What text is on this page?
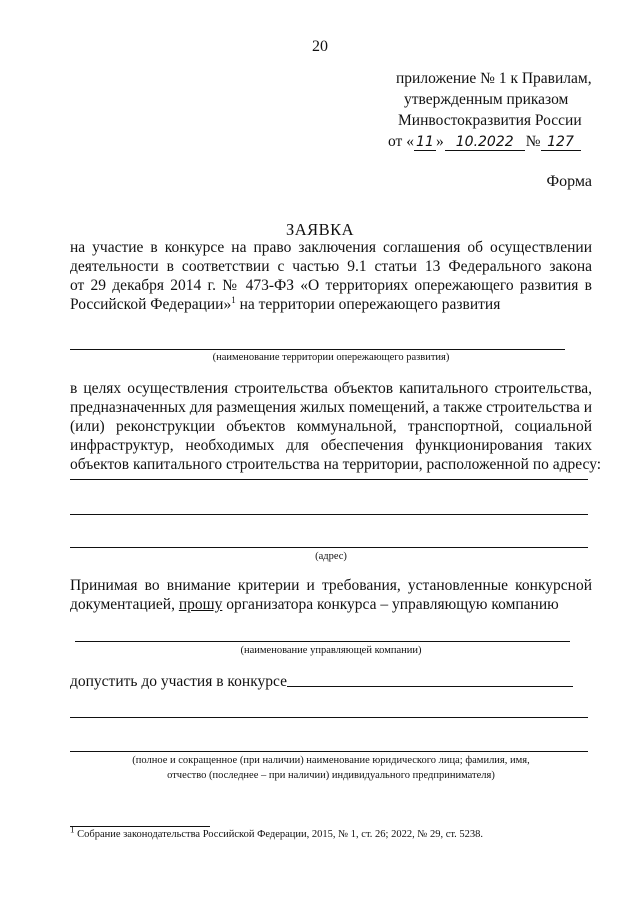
20
приложение № 1 к Правилам,
утвержденным приказом
Минвостокразвития России
от « 11 » 10.2022 № 127
Форма
ЗАЯВКА
на участие в конкурсе на право заключения соглашения об осуществлении
деятельности в соответствии с частью 9.1 статьи 13 Федерального закона
от 29 декабря 2014 г. № 473-ФЗ «О территориях опережающего развития в
Российской Федерации»$^1$ на территории опережающего развития
(наименование территории опережающего развития)
в целях осуществления строительства объектов капитального строительства,
предназначенных для размещения жилых помещений, а также строительства и
(или) реконструкции объектов коммунальной, транспортной, социальной
инфраструктур, необходимых для обеспечения функционирования таких
объектов капитального строительства на территории, расположенной по адресу:
(адрес)
Принимая во внимание критерии и требования, установленные конкурсной
документацией, прошу организатора конкурса – управляющую компанию
(наименование управляющей компании)
допустить до участия в конкурсе
(полное и сокращенное (при наличии) наименование юридического лица; фамилия, имя,
отчество (последнее – при наличии) индивидуального предпринимателя)
$^1$ Собрание законодательства Российской Федерации, 2015, № 1, ст. 26; 2022, № 29, ст. 5238.
